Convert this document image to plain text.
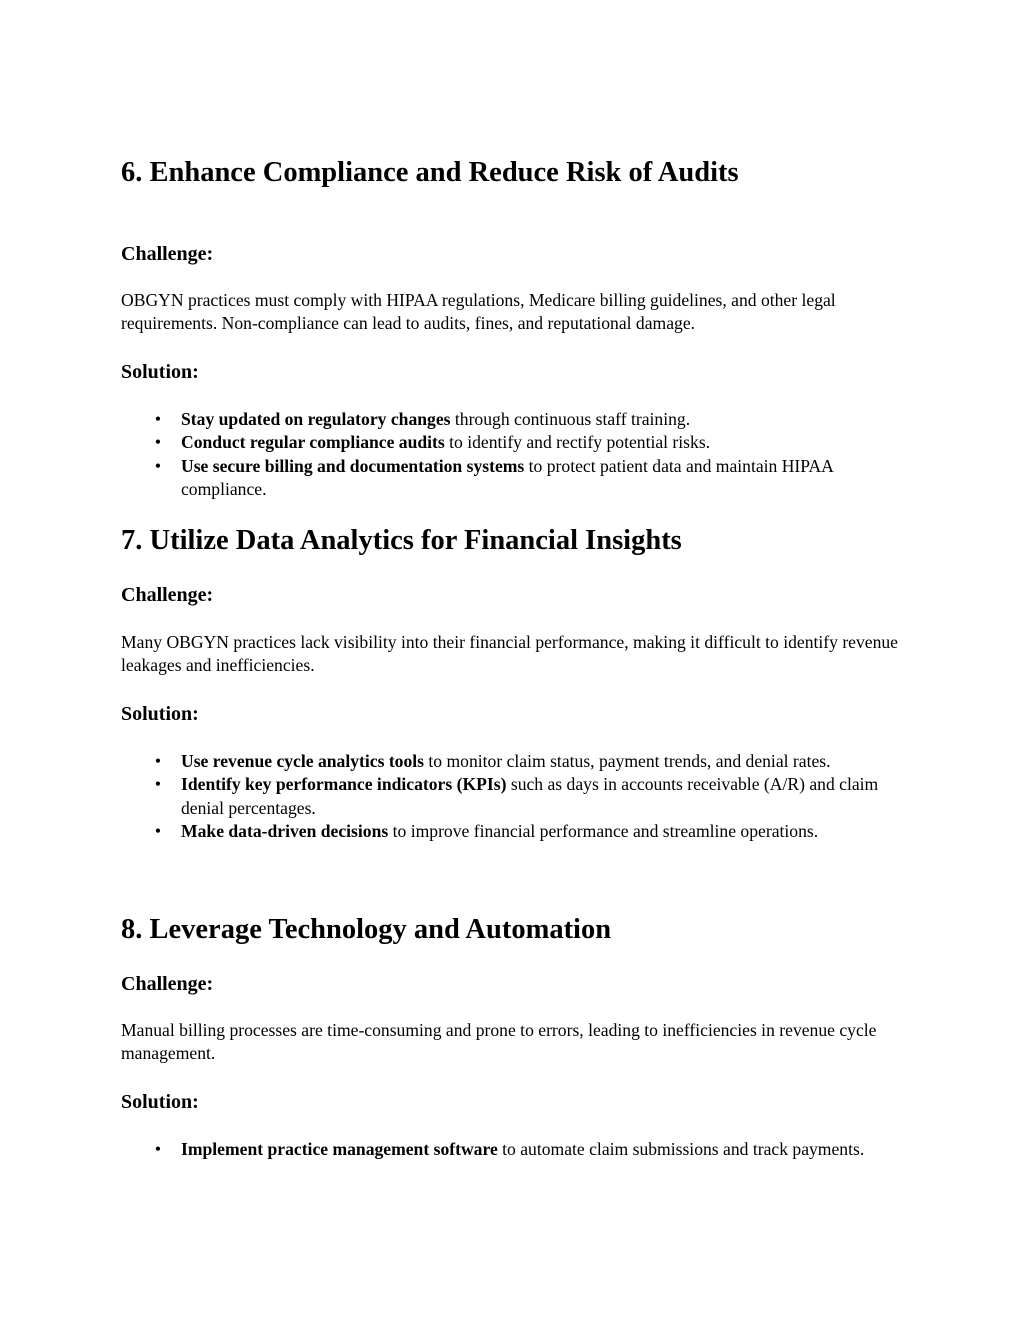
6. Enhance Compliance and Reduce Risk of Audits
Challenge:

OBGYN practices must comply with HIPAA regulations, Medicare billing guidelines, and other legal requirements. Non-compliance can lead to audits, fines, and reputational damage.

Solution:
• Stay updated on regulatory changes through continuous staff training.
• Conduct regular compliance audits to identify and rectify potential risks.
• Use secure billing and documentation systems to protect patient data and maintain HIPAA compliance.
7. Utilize Data Analytics for Financial Insights
Challenge:

Many OBGYN practices lack visibility into their financial performance, making it difficult to identify revenue leakages and inefficiencies.

Solution:
• Use revenue cycle analytics tools to monitor claim status, payment trends, and denial rates.
• Identify key performance indicators (KPIs) such as days in accounts receivable (A/R) and claim denial percentages.
• Make data-driven decisions to improve financial performance and streamline operations.
8. Leverage Technology and Automation
Challenge:

Manual billing processes are time-consuming and prone to errors, leading to inefficiencies in revenue cycle management.

Solution:
• Implement practice management software to automate claim submissions and track payments.
